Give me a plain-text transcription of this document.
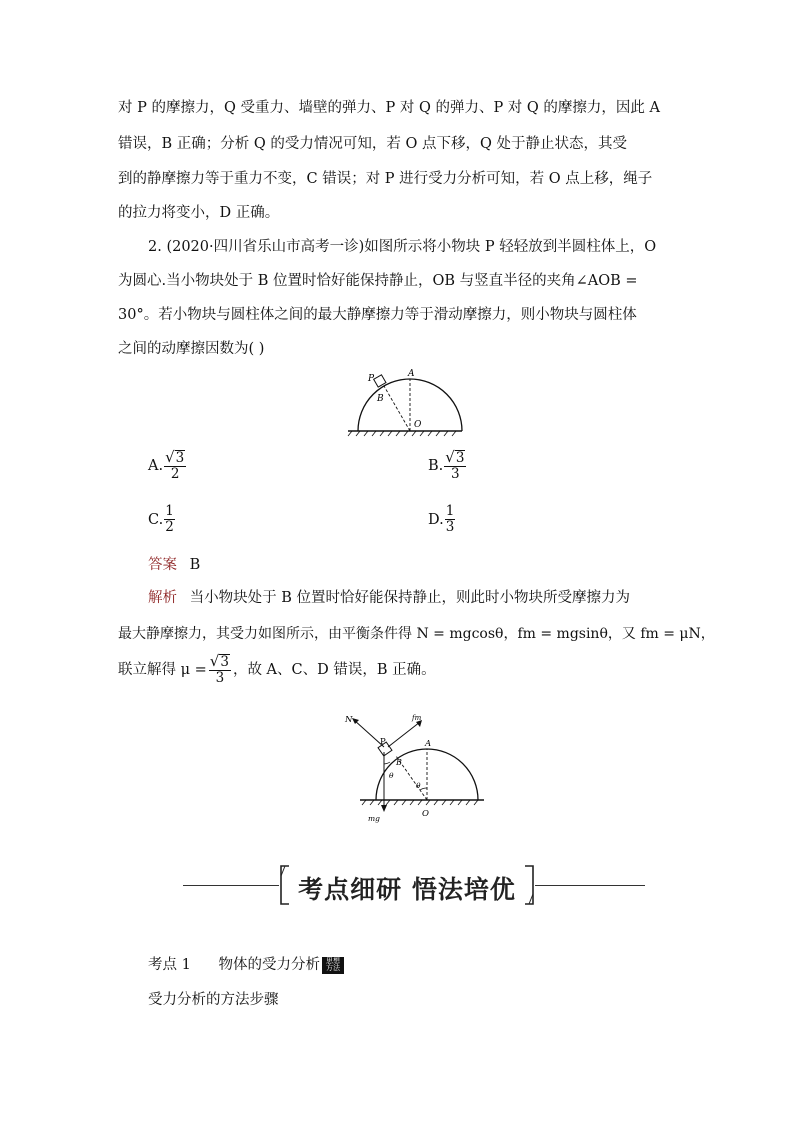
对 P 的摩擦力，Q 受重力、墙壁的弹力、P 对 Q 的弹力、P 对 Q 的摩擦力，因此 A
错误，B 正确；分析 Q 的受力情况可知，若 O 点下移，Q 处于静止状态，其受
到的静摩擦力等于重力不变，C 错误；对 P 进行受力分析可知，若 O 点上移，绳子
的拉力将变小，D 正确。
2. (2020·四川省乐山市高考一诊)如图所示将小物块 P 轻轻放到半圆柱体上，O
为圆心.当小物块处于 B 位置时恰好能保持静止，OB 与竖直半径的夹角∠AOB =
30°。若小物块与圆柱体之间的最大静摩擦力等于滑动摩擦力，则小物块与圆柱体
之间的动摩擦因数为( )
P	A
B
O
A. $\frac{√ 3}{2}$	B. $\frac{√ 3}{3}$
C. $\frac{1}{2}$	D. $\frac{1}{3}$
答案 B
解析 当小物块处于 B 位置时恰好能保持静止，则此时小物块所受摩擦力为
最大静摩擦力，其受力如图所示，由平衡条件得 N = mgcosθ，fm = mgsinθ，又 fm = μN，
联立解得 $\mu = \frac{√ 3}{3}$ ，故 A、C、D 错误，B 正确。
N	fm
P	A
B
θ
θ
mg	O
考点细研 悟法培优
考点 1      物体的受力分析 思想
方法
受力分析的方法步骤
